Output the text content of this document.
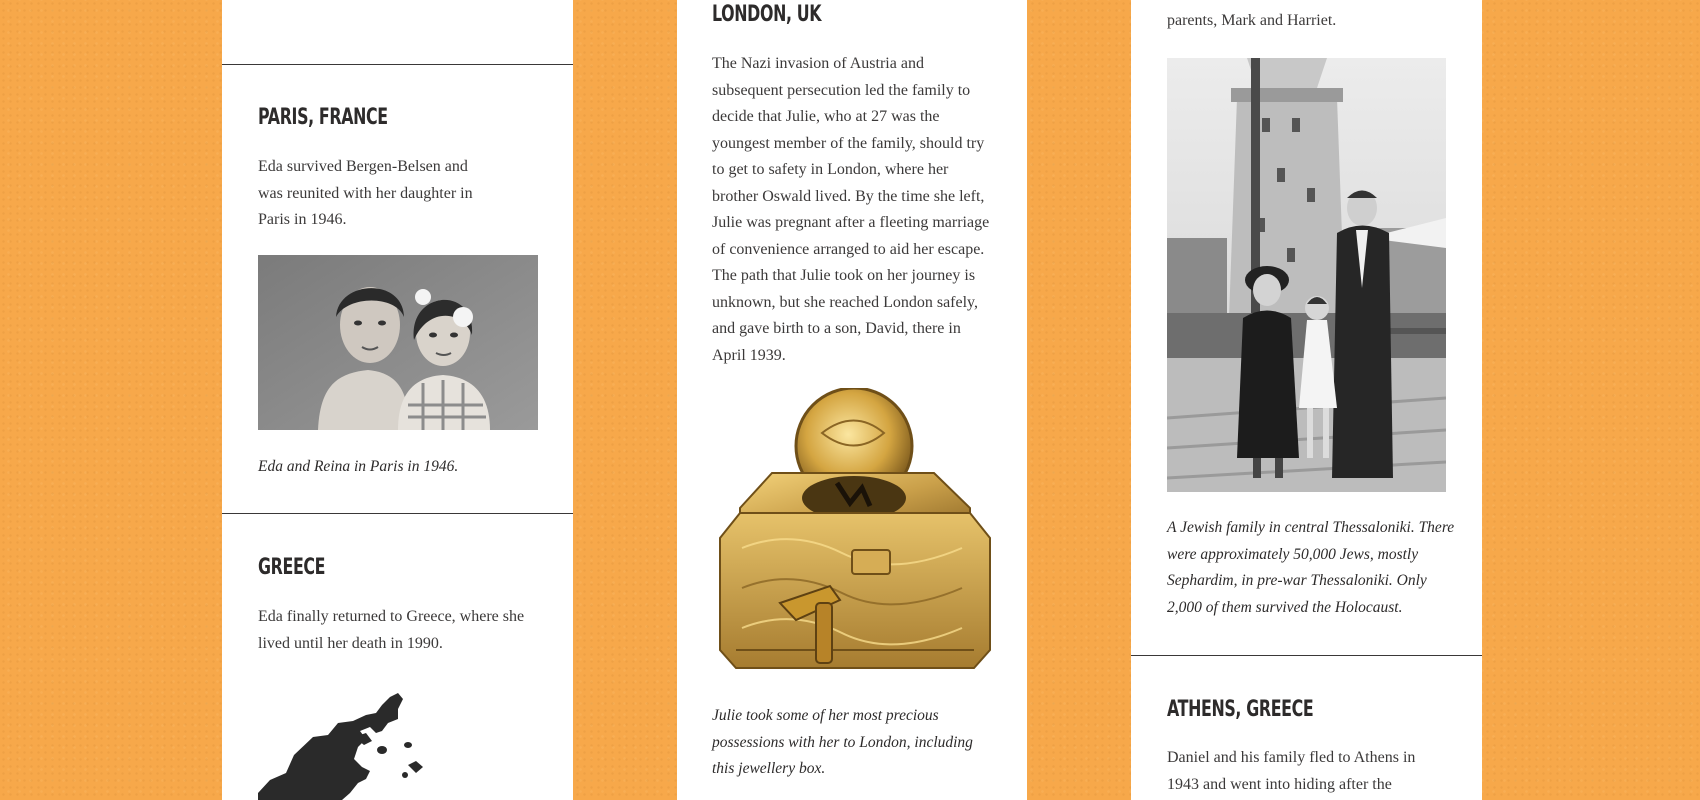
PARIS, FRANCE

Eda survived Bergen-Belsen and was reunited with her daughter in Paris in 1946.

Eda and Reina in Paris in 1946.

GREECE

Eda finally returned to Greece, where she lived until her death in 1990.

LONDON, UK

The Nazi invasion of Austria and subsequent persecution led the family to decide that Julie, who at 27 was the youngest member of the family, should try to get to safety in London, where her brother Oswald lived. By the time she left, Julie was pregnant after a fleeting marriage of convenience arranged to aid her escape. The path that Julie took on her journey is unknown, but she reached London safely, and gave birth to a son, David, there in April 1939.

Julie took some of her most precious possessions with her to London, including this jewellery box.

parents, Mark and Harriet.

A Jewish family in central Thessaloniki. There were approximately 50,000 Jews, mostly Sephardim, in pre-war Thessaloniki. Only 2,000 of them survived the Holocaust.

ATHENS, GREECE

Daniel and his family fled to Athens in 1943 and went into hiding after the
